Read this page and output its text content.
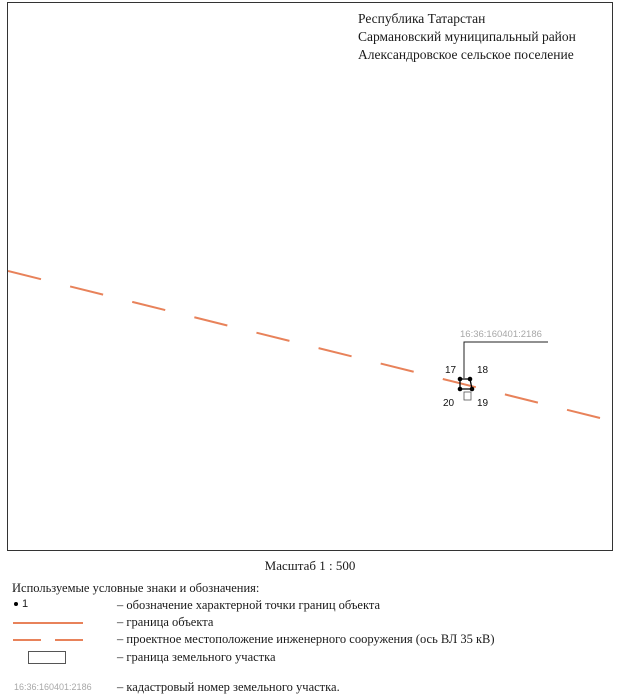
Республика Татарстан
Сармановский муниципальный район
Александровское сельское поселение
16:36:160401:2186
17 18
19
20
Масштаб 1 : 500
Используемые условные знаки и обозначения:
1	– обозначение характерной точки границ объекта
– граница объекта
– проектное местоположение инженерного сооружения (ось ВЛ 35 кВ)
– граница земельного участка
16:36:160401:2186 – кадастровый номер земельного участка.
